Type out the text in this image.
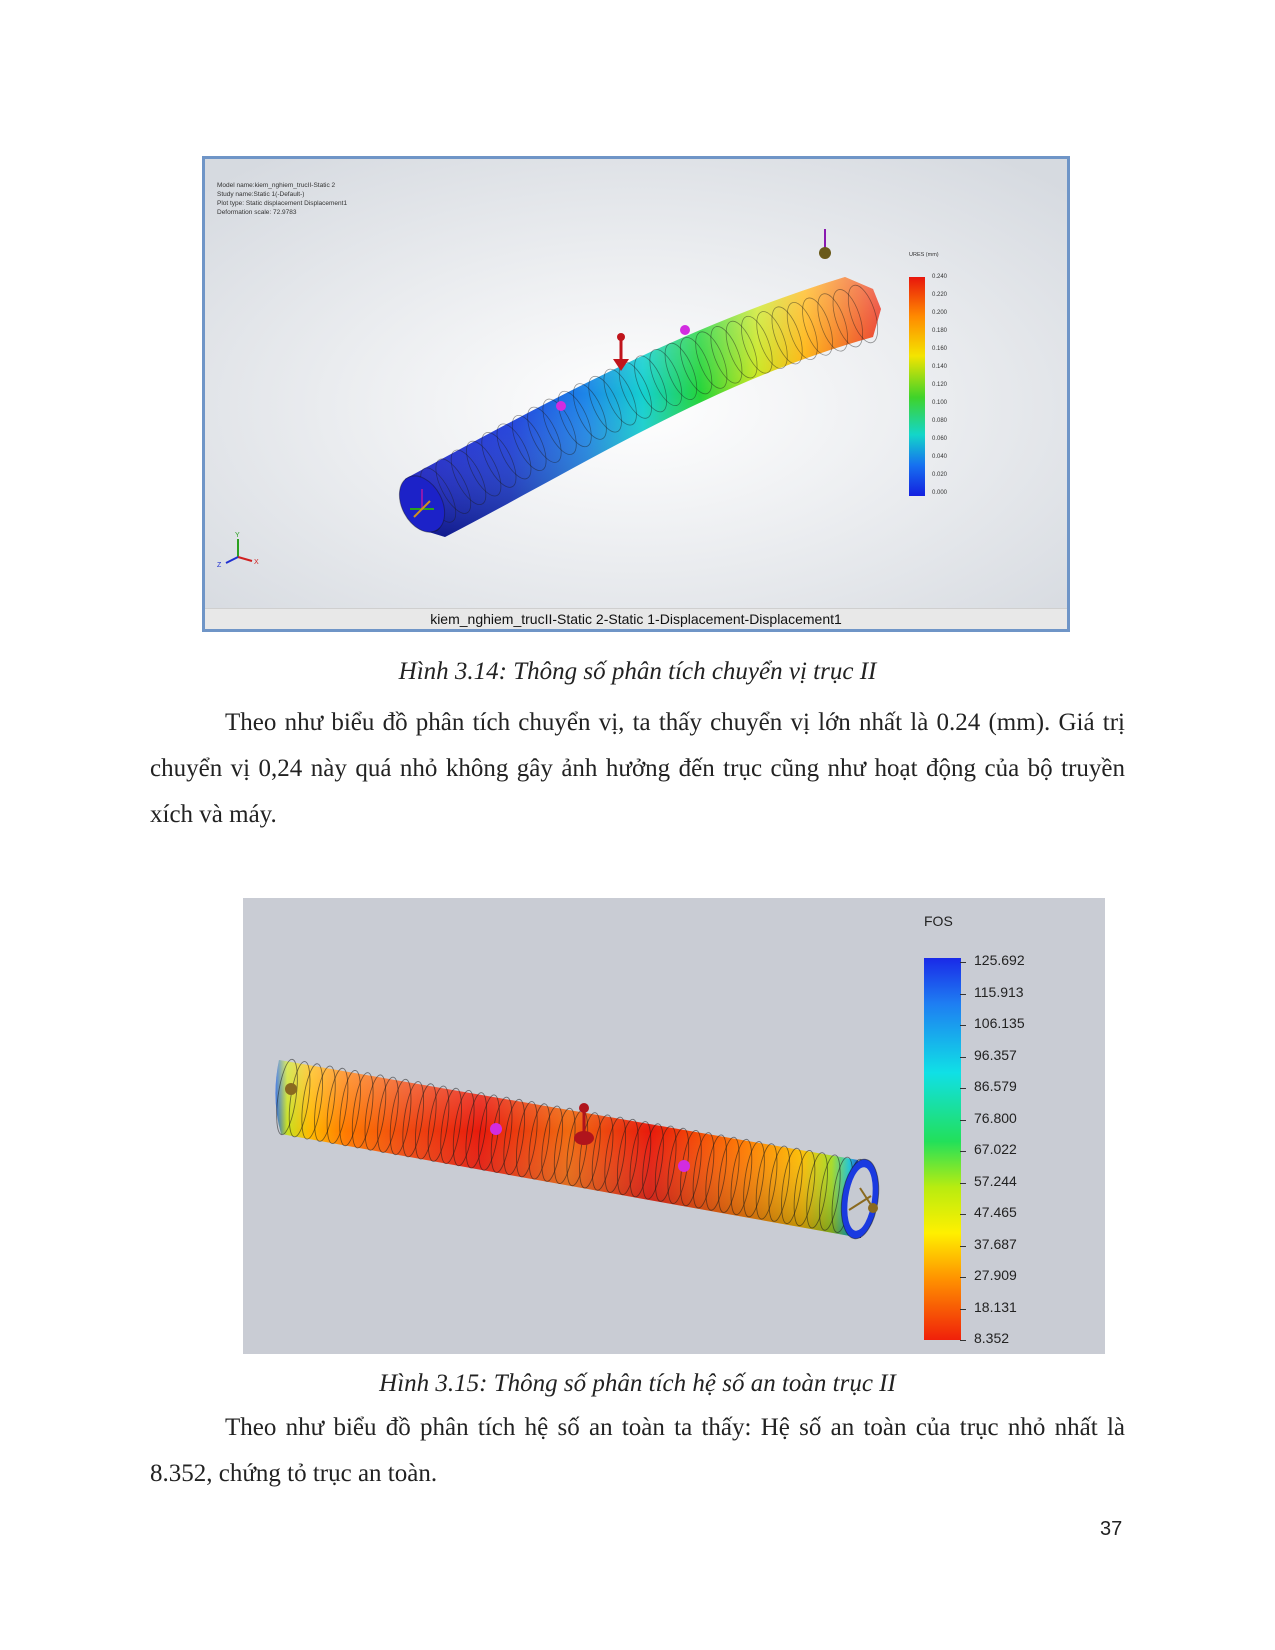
Y
X
Z
Model name:kiem_nghiem_trucII-Static 2
Study name:Static 1(-Default-)
Plot type: Static displacement Displacement1
Deformation scale: 72.9783
URES (mm)
0.240
0.220
0.200
0.180
0.160
0.140
0.120
0.100
0.080
0.060
0.040
0.020
0.000
kiem_nghiem_trucII-Static 2-Static 1-Displacement-Displacement1
Hình 3.14: Thông số phân tích chuyển vị trục II

Theo như biểu đồ phân tích chuyển vị, ta thấy chuyển vị lớn nhất là 0.24 (mm). Giá trị chuyển vị 0,24 này quá nhỏ không gây ảnh hưởng đến trục cũng như hoạt động của bộ truyền xích và máy.

FOS
125.692
115.913
106.135
96.357
86.579
76.800
67.022
57.244
47.465
37.687
27.909
18.131
8.352
Hình 3.15: Thông số phân tích hệ số an toàn trục II

Theo như biểu đồ phân tích hệ số an toàn ta thấy: Hệ số an toàn của trục nhỏ nhất là 8.352, chứng tỏ trục an toàn.

37
